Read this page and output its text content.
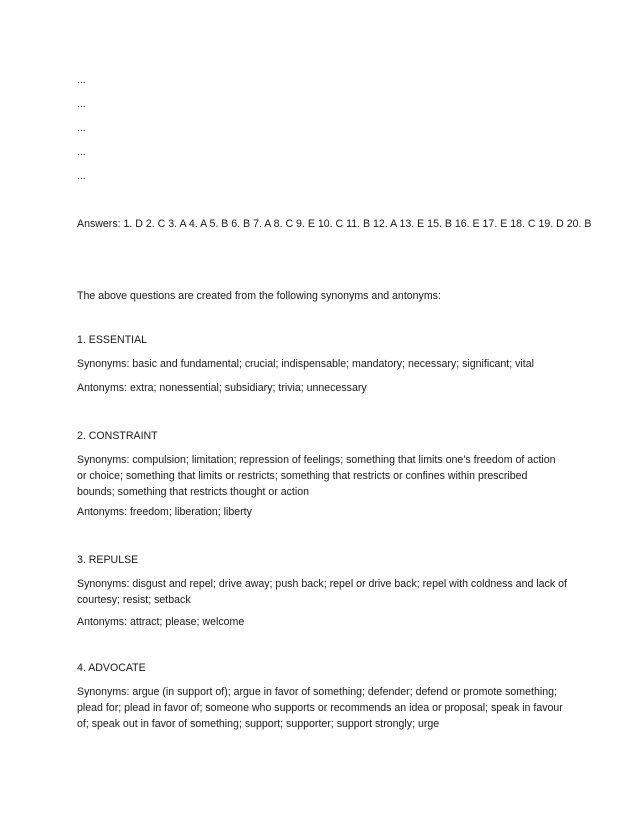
...

...

...

...

...

Answers: 1. D 2. C 3. A 4. A 5. B 6. B 7. A 8. C 9. E 10. C 11. B 12. A 13. E 15. B 16. E 17. E 18. C 19. D 20. B

The above questions are created from the following synonyms and antonyms:

1. ESSENTIAL

Synonyms: basic and fundamental; crucial; indispensable; mandatory; necessary; significant; vital

Antonyms: extra; nonessential; subsidiary; trivia; unnecessary

2. CONSTRAINT

Synonyms: compulsion; limitation; repression of feelings; something that limits one’s freedom of action or choice; something that limits or restricts; something that restricts or confines within prescribed bounds; something that restricts thought or action

Antonyms: freedom; liberation; liberty

3. REPULSE

Synonyms: disgust and repel; drive away; push back; repel or drive back; repel with coldness and lack of courtesy; resist; setback

Antonyms: attract; please; welcome

4. ADVOCATE

Synonyms: argue (in support of); argue in favor of something; defender; defend or promote something; plead for; plead in favor of; someone who supports or recommends an idea or proposal; speak in favour of; speak out in favor of something; support; supporter; support strongly; urge
